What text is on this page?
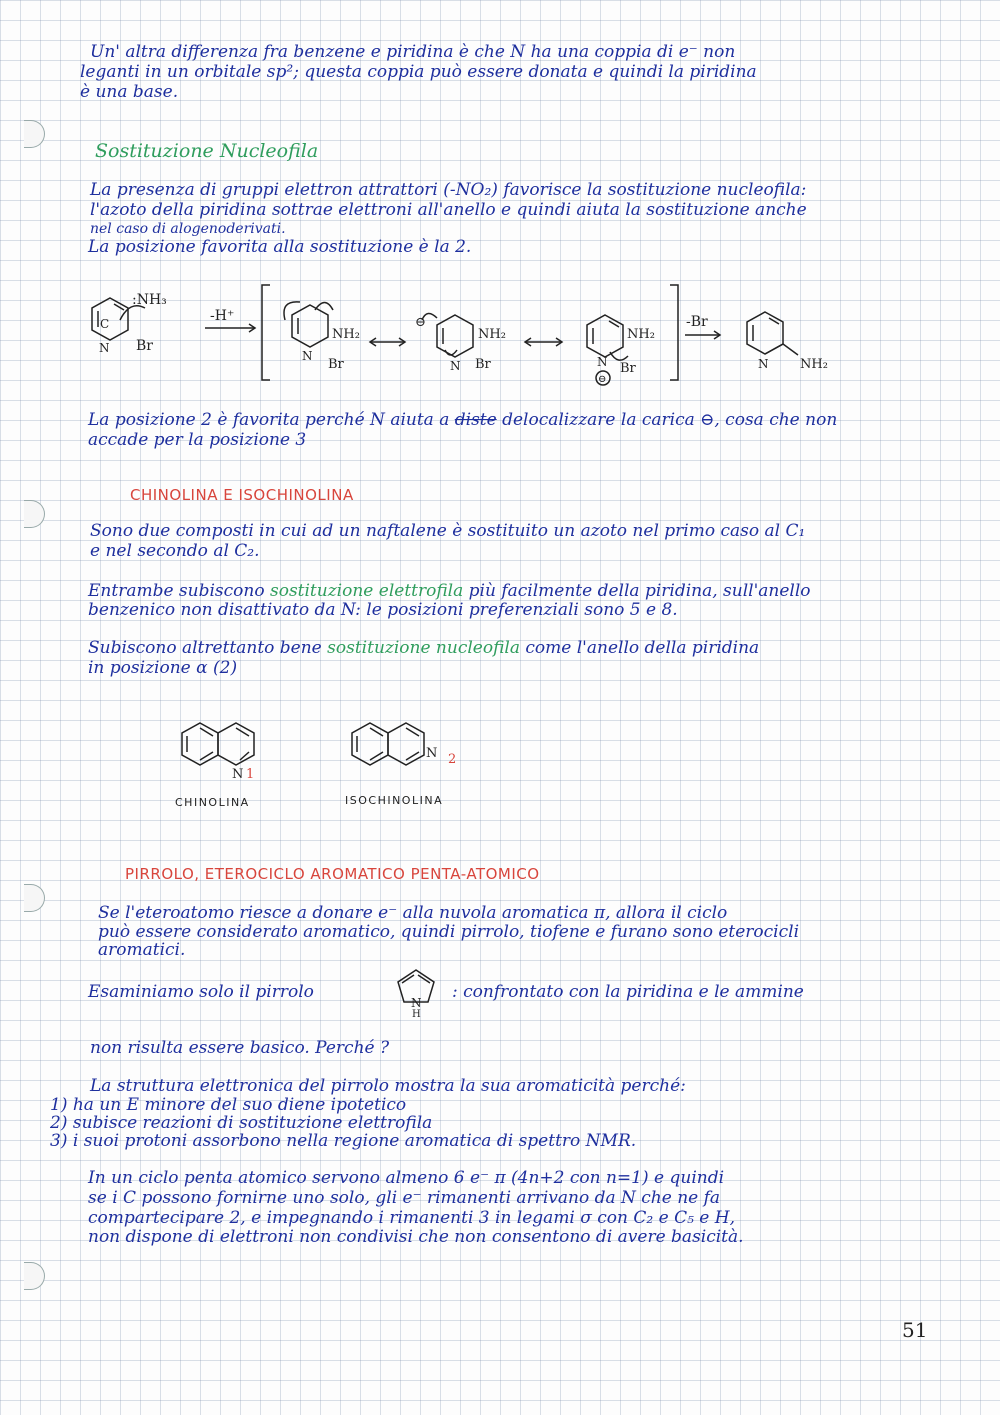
Un' altra differenza fra benzene e piridina è che N ha una coppia di e⁻ non

leganti in un orbitale sp²; questa coppia può essere donata e quindi la piridina

è una base.

Sostituzione Nucleofila

La presenza di gruppi elettron attrattori (-NO₂) favorisce la sostituzione nucleofila:

l'azoto della piridina sottrae elettroni all'anello e quindi aiuta la sostituzione anche

nel caso di alogenoderivati.

La posizione favorita alla sostituzione è la 2.

:NH₃
Br
C
N
-H⁺
NH₂
Br
N
⊖
NH₂
Br
N
NH₂
Br
N
⊖
-Br
N NH₂

La posizione 2 è favorita perché N aiuta a diste delocalizzare la carica ⊖, cosa che non

accade per la posizione 3

CHINOLINA E ISOCHINOLINA

Sono due composti in cui ad un naftalene è sostituito un azoto nel primo caso al C₁

e nel secondo al C₂.

Entrambe subiscono sostituzione elettrofila più facilmente della piridina, sull'anello

benzenico non disattivato da N: le posizioni preferenziali sono 5 e 8.

Subiscono altrettanto bene sostituzione nucleofila come l'anello della piridina

in posizione α (2)

N 1
N 2
CHINOLINA	ISOCHINOLINA

PIRROLO, ETEROCICLO AROMATICO PENTA-ATOMICO

Se l'eteroatomo riesce a donare e⁻ alla nuvola aromatica π, allora il ciclo

può essere considerato aromatico, quindi pirrolo, tiofene e furano sono eterocicli

aromatici.

Esaminiamo solo il pirrolo

N
H

: confrontato con la piridina e le ammine

non risulta essere basico. Perché ?

La struttura elettronica del pirrolo mostra la sua aromaticità perché:

1) ha un E minore del suo diene ipotetico

2) subisce reazioni di sostituzione elettrofila

3) i suoi protoni assorbono nella regione aromatica di spettro NMR.

In un ciclo penta atomico servono almeno 6 e⁻ π (4n+2 con n=1) e quindi

se i C possono fornirne uno solo, gli e⁻ rimanenti arrivano da N che ne fa

compartecipare 2, e impegnando i rimanenti 3 in legami σ con C₂ e C₅ e H,

non dispone di elettroni non condivisi che non consentono di avere basicità.

51
